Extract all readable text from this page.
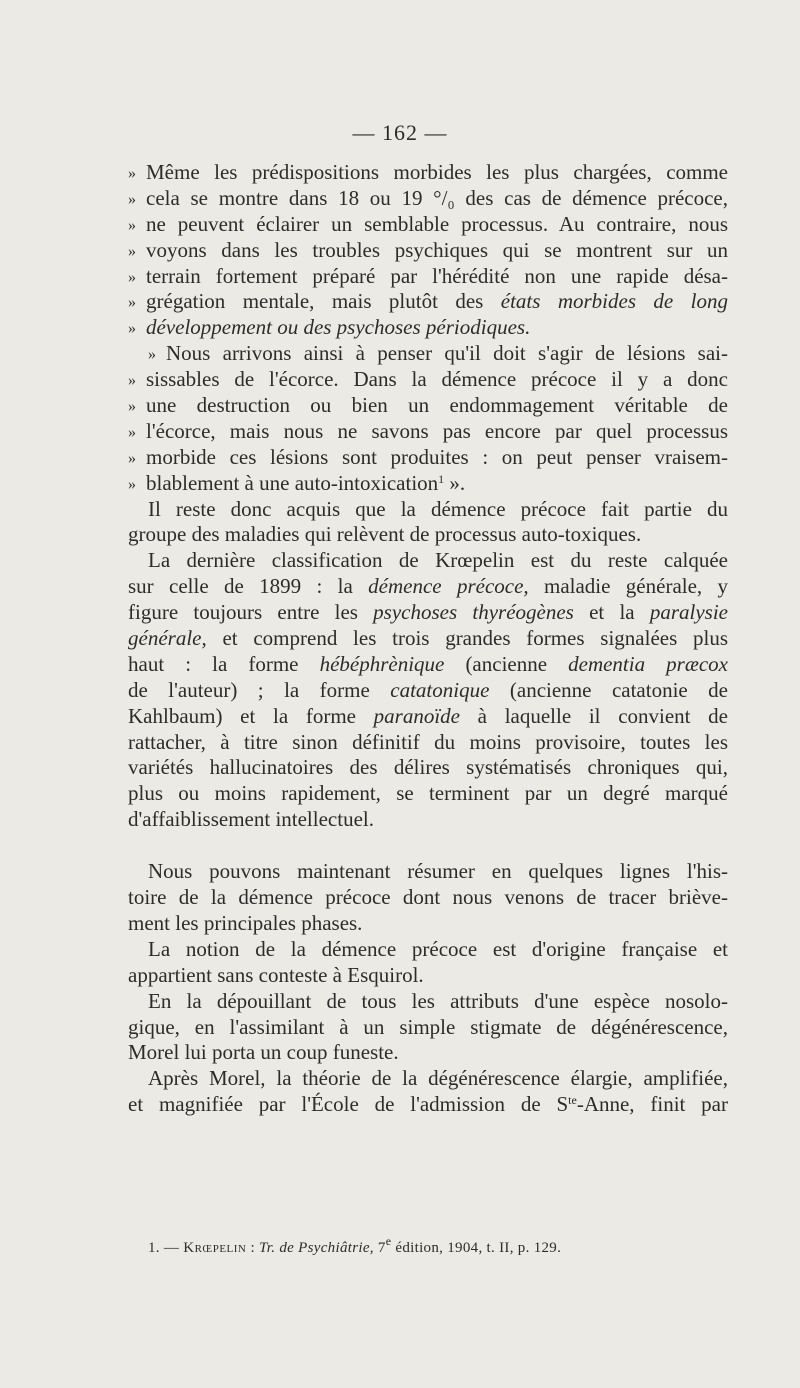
— 162 —
» Même les prédispositions morbides les plus chargées, comme
» cela se montre dans 18 ou 19 °/₀ des cas de démence précoce,
» ne peuvent éclairer un semblable processus. Au contraire, nous
» voyons dans les troubles psychiques qui se montrent sur un
» terrain fortement préparé par l'hérédité non une rapide désa-
» grégation mentale, mais plutôt des états morbides de long
» développement ou des psychoses périodiques.
» Nous arrivons ainsi à penser qu'il doit s'agir de lésions sai-
» sissables de l'écorce. Dans la démence précoce il y a donc
» une destruction ou bien un endommagement véritable de
» l'écorce, mais nous ne savons pas encore par quel processus
» morbide ces lésions sont produites : on peut penser vraisem-
» blablement à une auto-intoxication$^1$ ».
Il reste donc acquis que la démence précoce fait partie du
groupe des maladies qui relèvent de processus auto-toxiques.
La dernière classification de Krœpelin est du reste calquée
sur celle de 1899 : la démence précoce, maladie générale, y
figure toujours entre les psychoses thyréogènes et la paralysie
générale, et comprend les trois grandes formes signalées plus
haut : la forme hébéphrènique (ancienne dementia præcox
de l'auteur) ; la forme catatonique (ancienne catatonie de
Kahlbaum) et la forme paranoïde à laquelle il convient de
rattacher, à titre sinon définitif du moins provisoire, toutes les
variétés hallucinatoires des délires systématisés chroniques qui,
plus ou moins rapidement, se terminent par un degré marqué
d'affaiblissement intellectuel.
Nous pouvons maintenant résumer en quelques lignes l'his-
toire de la démence précoce dont nous venons de tracer briève-
ment les principales phases.
La notion de la démence précoce est d'origine française et
appartient sans conteste à Esquirol.
En la dépouillant de tous les attributs d'une espèce nosolo-
gique, en l'assimilant à un simple stigmate de dégénérescence,
Morel lui porta un coup funeste.
Après Morel, la théorie de la dégénérescence élargie, amplifiée,
et magnifiée par l'École de l'admission de $S^{te}$-Anne, finit par
1. — Krœpelin : Tr. de Psychiâtrie, 7e édition, 1904, t. II, p. 129.
